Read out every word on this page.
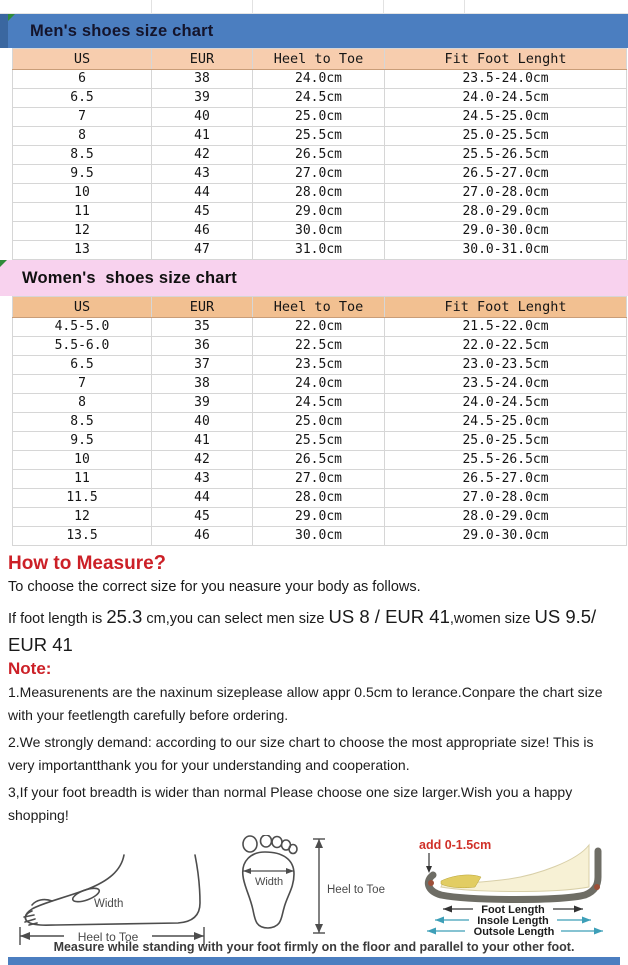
Men's shoes size chart
US	EUR	Heel to Toe	Fit Foot Lenght
6	38	24.0cm	23.5-24.0cm
6.5	39	24.5cm	24.0-24.5cm
7	40	25.0cm	24.5-25.0cm
8	41	25.5cm	25.0-25.5cm
8.5	42	26.5cm	25.5-26.5cm
9.5	43	27.0cm	26.5-27.0cm
10	44	28.0cm	27.0-28.0cm
11	45	29.0cm	28.0-29.0cm
12	46	30.0cm	29.0-30.0cm
13	47	31.0cm	30.0-31.0cm
Women's  shoes size chart
US	EUR	Heel to Toe	Fit Foot Lenght
4.5-5.0	35	22.0cm	21.5-22.0cm
5.5-6.0	36	22.5cm	22.0-22.5cm
6.5	37	23.5cm	23.0-23.5cm
7	38	24.0cm	23.5-24.0cm
8	39	24.5cm	24.0-24.5cm
8.5	40	25.0cm	24.5-25.0cm
9.5	41	25.5cm	25.0-25.5cm
10	42	26.5cm	25.5-26.5cm
11	43	27.0cm	26.5-27.0cm
11.5	44	28.0cm	27.0-28.0cm
12	45	29.0cm	28.0-29.0cm
13.5	46	30.0cm	29.0-30.0cm
How to Measure?

To choose the correct size for you neasure your body as follows.

If foot length is 25.3 cm,you can select men size US 8 / EUR 41,women size US 9.5/ EUR 41

Note:

1.Measurenents are the naxinum sizeplease allow appr 0.5cm to lerance.Conpare the chart size with your feetlength carefully before ordering.

2.We strongly demand: according to our size chart to choose the most appropriate size! This is very importantthank you for your understanding and cooperation.

3,If your foot breadth is wider than normal Please choose one size larger.Wish you a happy shopping!

Width
Heel to Toe
Width
Heel to Toe
add 0-1.5cm
Foot Length
Insole Length
Outsole Length
Measure while standing with your foot firmly on the floor and parallel to your other foot.
